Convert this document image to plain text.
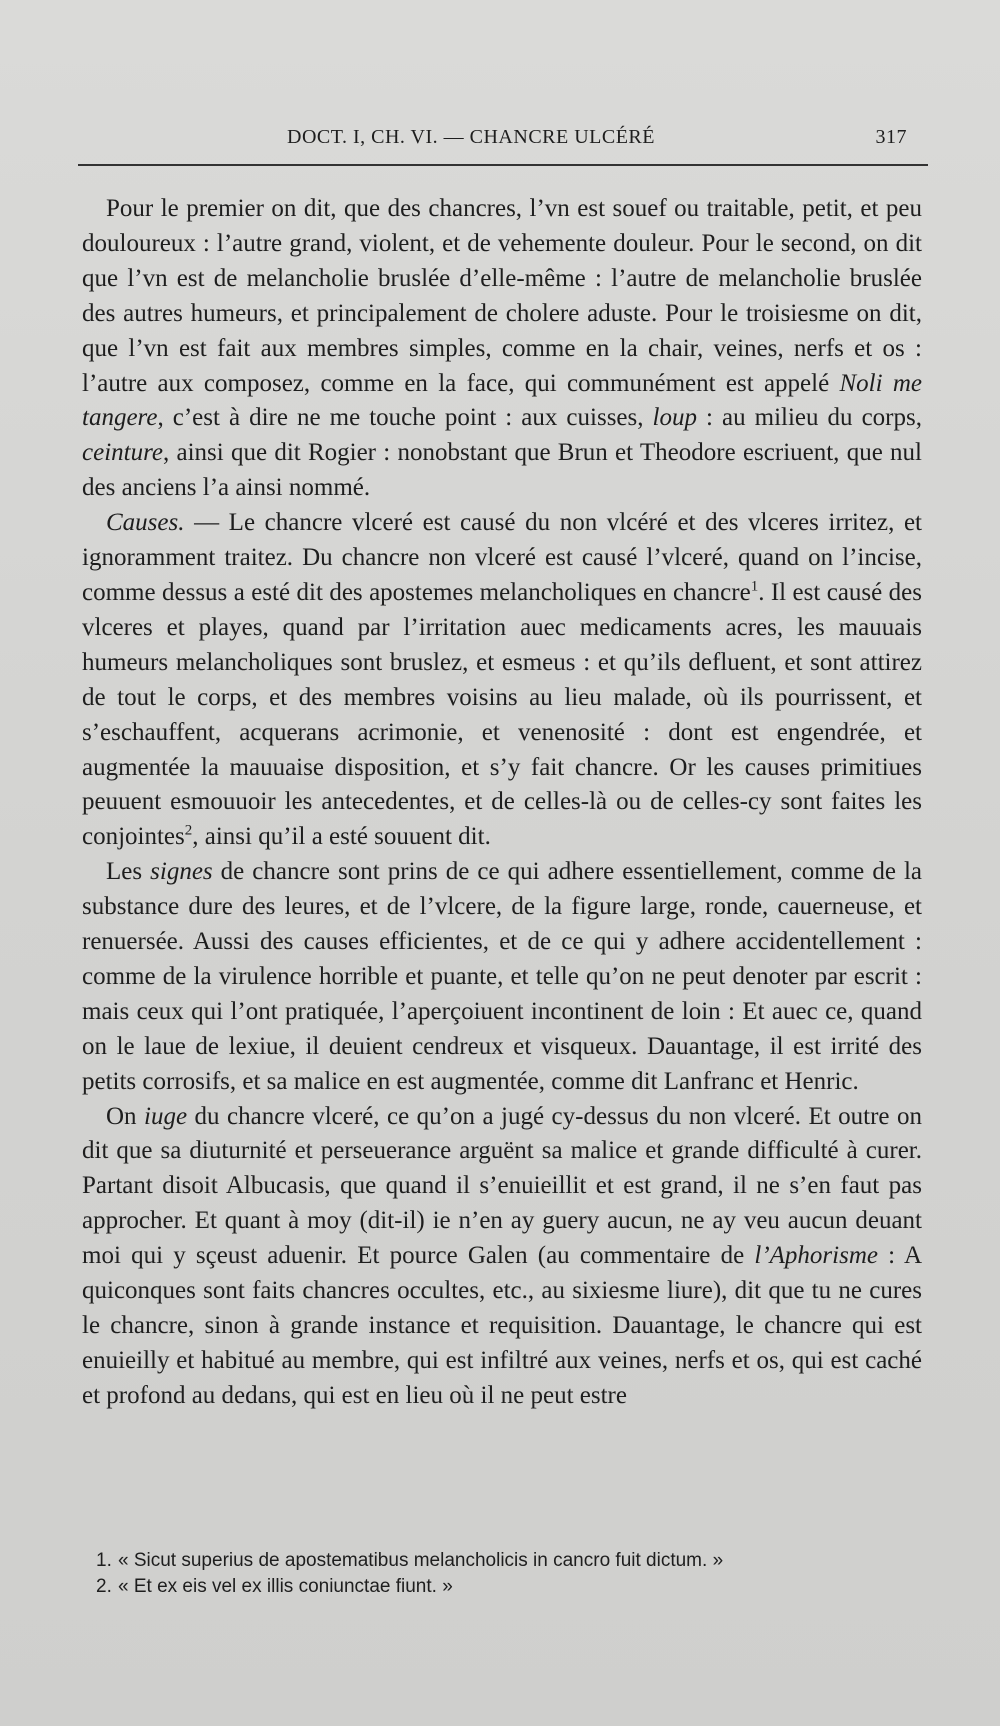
DOCT. I, CH. VI. — CHANCRE ULCÉRÉ	317

Pour le premier on dit, que des chancres, l’vn est souef ou traitable, petit, et peu douloureux : l’autre grand, violent, et de vehemente douleur. Pour le second, on dit que l’vn est de melancholie bruslée d’elle-même : l’autre de melancholie bruslée des autres humeurs, et principalement de cholere aduste. Pour le troisiesme on dit, que l’vn est fait aux membres simples, comme en la chair, veines, nerfs et os : l’autre aux composez, comme en la face, qui communément est appelé Noli me tangere, c’est à dire ne me touche point : aux cuisses, loup : au milieu du corps, ceinture, ainsi que dit Rogier : nonobstant que Brun et Theodore escriuent, que nul des anciens l’a ainsi nommé.

Causes. — Le chancre vlceré est causé du non vlcéré et des vlceres irritez, et ignoramment traitez. Du chancre non vlceré est causé l’vlceré, quand on l’incise, comme dessus a esté dit des apostemes melancholiques en chancre$^1$. Il est causé des vlceres et playes, quand par l’irritation auec medicaments acres, les mauuais humeurs melancholiques sont bruslez, et esmeus : et qu’ils defluent, et sont attirez de tout le corps, et des membres voisins au lieu malade, où ils pourrissent, et s’eschauffent, acquerans acrimonie, et venenosité : dont est engendrée, et augmentée la mauuaise disposition, et s’y fait chancre. Or les causes primitiues peuuent esmouuoir les antecedentes, et de celles-là ou de celles-cy sont faites les conjointes$^2$, ainsi qu’il a esté souuent dit.

Les signes de chancre sont prins de ce qui adhere essentiellement, comme de la substance dure des leures, et de l’vlcere, de la figure large, ronde, cauerneuse, et renuersée. Aussi des causes efficientes, et de ce qui y adhere accidentellement : comme de la virulence horrible et puante, et telle qu’on ne peut denoter par escrit : mais ceux qui l’ont pratiquée, l’aperçoiuent incontinent de loin : Et auec ce, quand on le laue de lexiue, il deuient cendreux et visqueux. Dauantage, il est irrité des petits corrosifs, et sa malice en est augmentée, comme dit Lanfranc et Henric.

On iuge du chancre vlceré, ce qu’on a jugé cy-dessus du non vlceré. Et outre on dit que sa diuturnité et perseuerance arguënt sa malice et grande difficulté à curer. Partant disoit Albucasis, que quand il s’enuieillit et est grand, il ne s’en faut pas approcher. Et quant à moy (dit-il) ie n’en ay guery aucun, ne ay veu aucun deuant moi qui y sçeust aduenir. Et pource Galen (au commentaire de l’Aphorisme : A quiconques sont faits chancres occultes, etc., au sixiesme liure), dit que tu ne cures le chancre, sinon à grande instance et requisition. Dauantage, le chancre qui est enuieilly et habitué au membre, qui est infiltré aux veines, nerfs et os, qui est caché et profond au dedans, qui est en lieu où il ne peut estre

1. « Sicut superius de apostematibus melancholicis in cancro fuit dictum. »

2. « Et ex eis vel ex illis coniunctae fiunt. »
